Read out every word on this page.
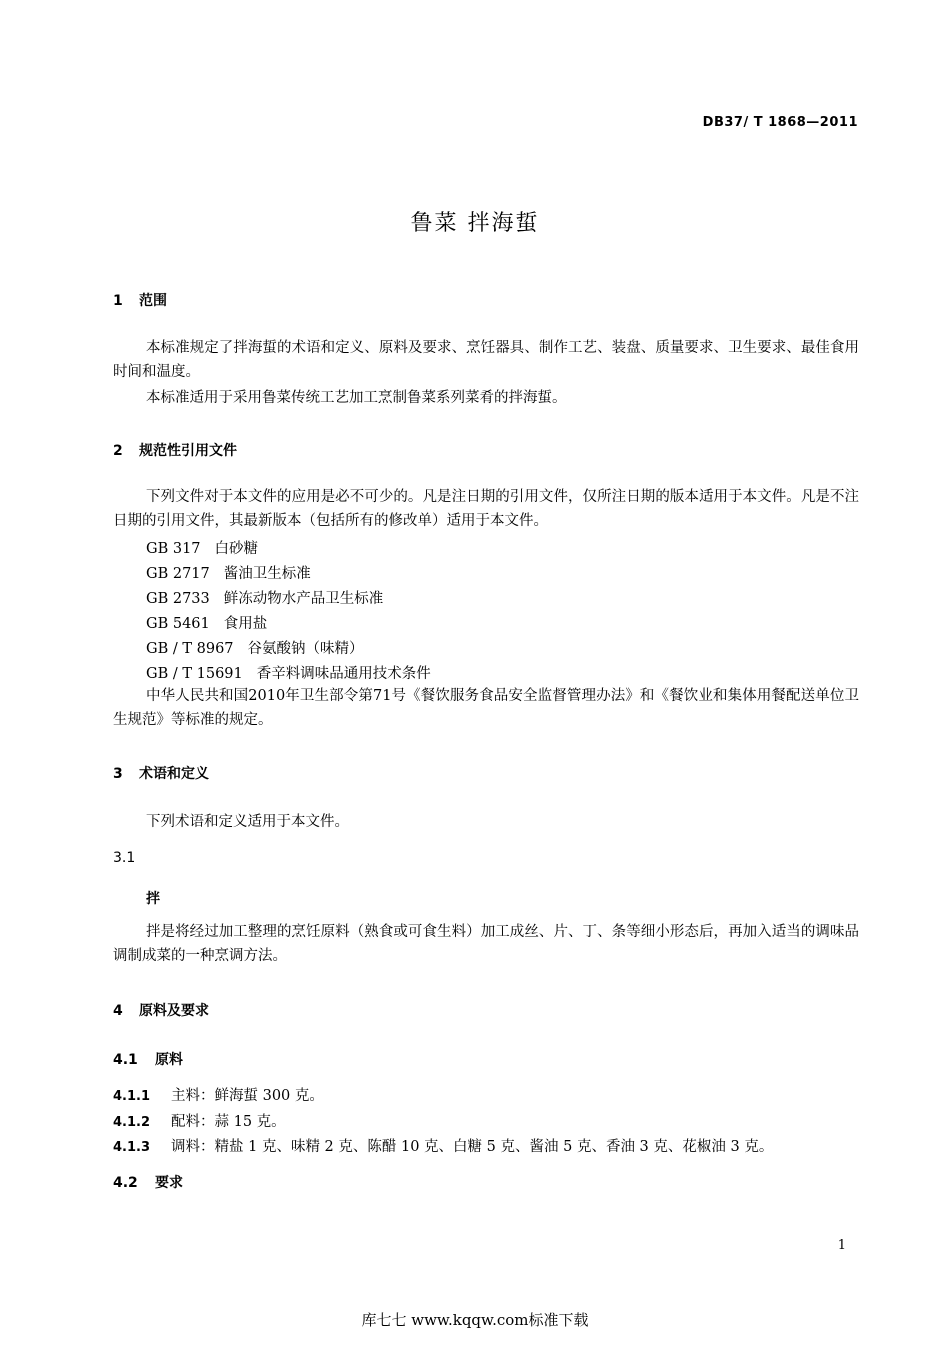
DB37/ T 1868—2011
鲁菜 拌海蜇
1 范围
本标准规定了拌海蜇的术语和定义、原料及要求、烹饪器具、制作工艺、装盘、质量要求、卫生要求、最佳食用时间和温度。
本标准适用于采用鲁菜传统工艺加工烹制鲁菜系列菜肴的拌海蜇。
2 规范性引用文件
下列文件对于本文件的应用是必不可少的。凡是注日期的引用文件，仅所注日期的版本适用于本文件。凡是不注日期的引用文件，其最新版本（包括所有的修改单）适用于本文件。
GB 317 白砂糖
GB 2717 酱油卫生标准
GB 2733 鲜冻动物水产品卫生标准
GB 5461 食用盐
GB / T 8967 谷氨酸钠（味精）
GB / T 15691 香辛料调味品通用技术条件
中华人民共和国2010年卫生部令第71号《餐饮服务食品安全监督管理办法》和《餐饮业和集体用餐配送单位卫生规范》等标准的规定。
3 术语和定义
下列术语和定义适用于本文件。
3.1
拌
拌是将经过加工整理的烹饪原料（熟食或可食生料）加工成丝、片、丁、条等细小形态后，再加入适当的调味品调制成菜的一种烹调方法。
4 原料及要求
4.1 原料
4.1.1 主料：鲜海蜇 300 克。
4.1.2 配料：蒜 15 克。
4.1.3 调料：精盐 1 克、味精 2 克、陈醋 10 克、白糖 5 克、酱油 5 克、香油 3 克、花椒油 3 克。
4.2 要求
1
库七七 www.kqqw.com标准下载
